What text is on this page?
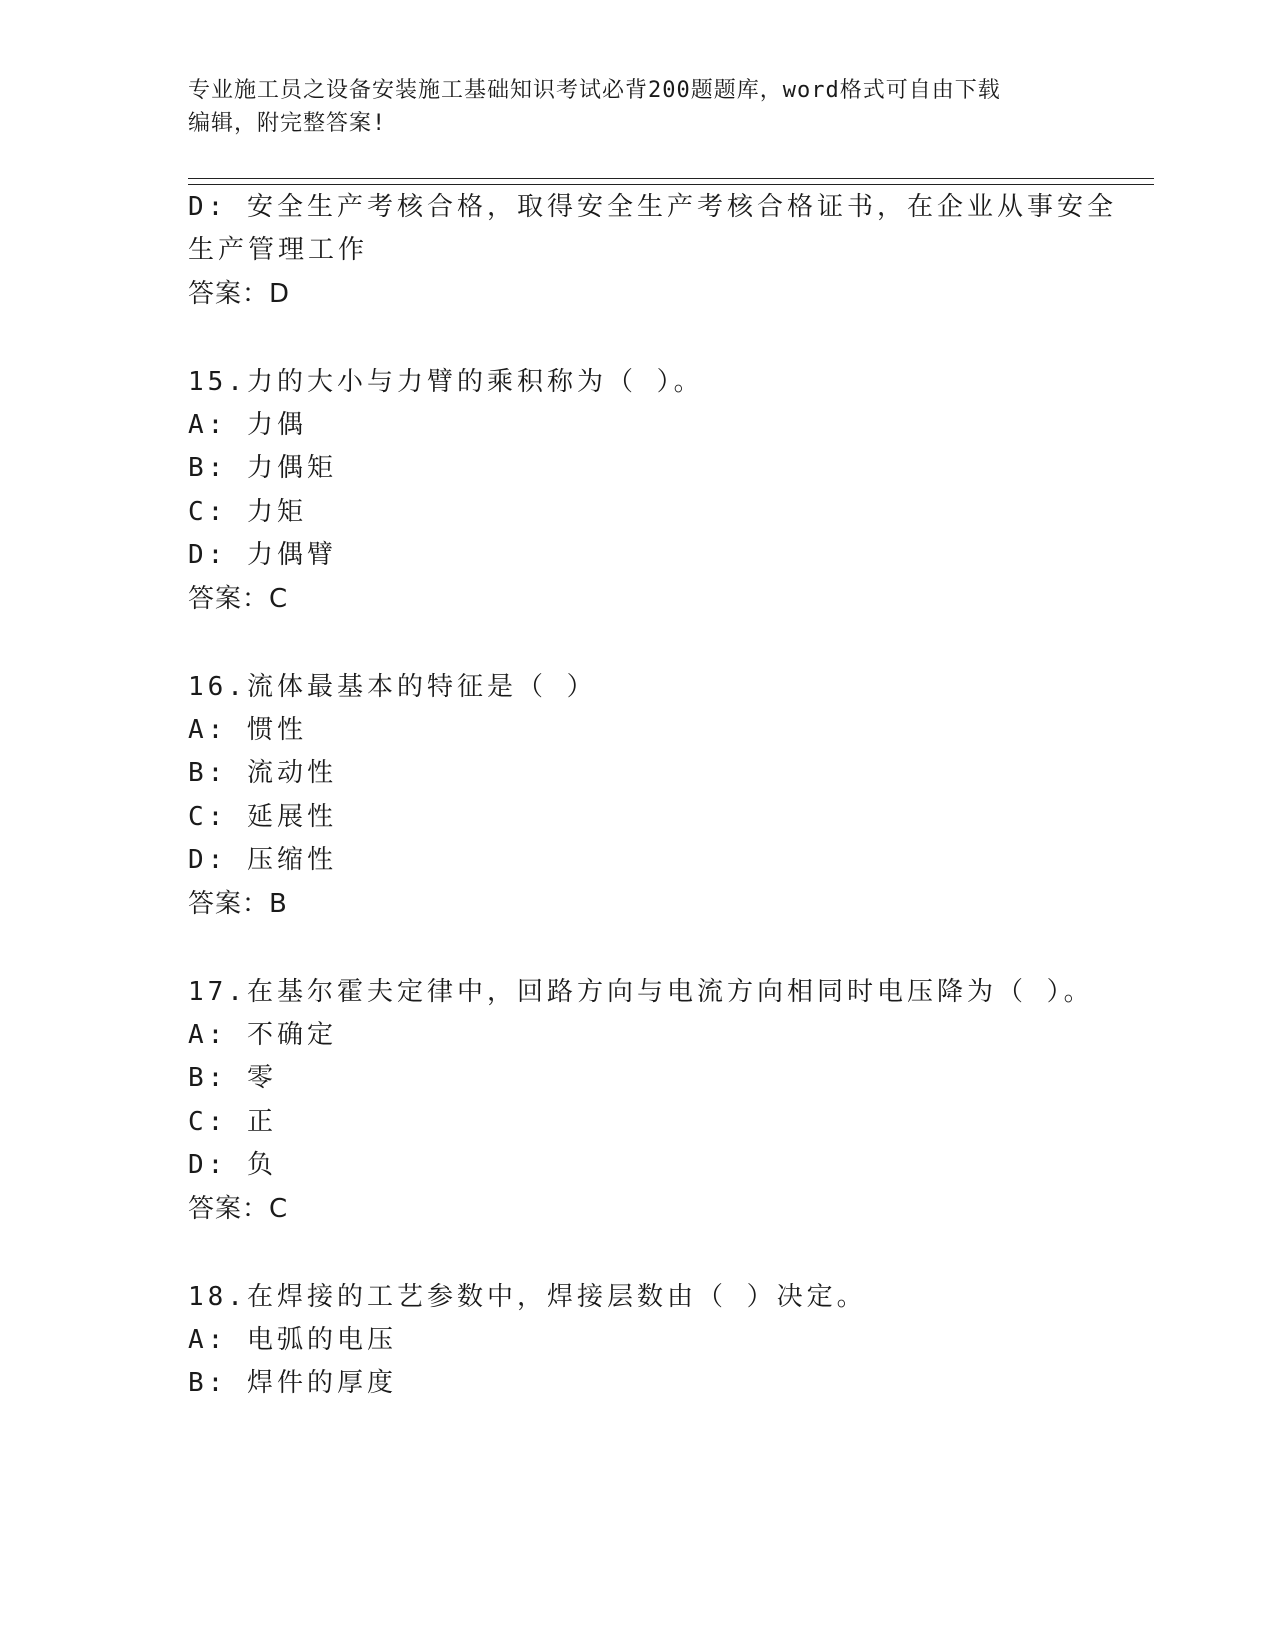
专业施工员之设备安装施工基础知识考试必背200题题库，word格式可自由下载
编辑，附完整答案!
D: 安全生产考核合格，取得安全生产考核合格证书，在企业从事安全
生产管理工作
答案：D
15.力的大小与力臂的乘积称为（ ）。
A: 力偶
B: 力偶矩
C: 力矩
D: 力偶臂
答案：C
16.流体最基本的特征是（ ）
A: 惯性
B: 流动性
C: 延展性
D: 压缩性
答案：B
17.在基尔霍夫定律中，回路方向与电流方向相同时电压降为（ ）。
A: 不确定
B: 零
C: 正
D: 负
答案：C
18.在焊接的工艺参数中，焊接层数由（ ）决定。
A: 电弧的电压
B: 焊件的厚度
